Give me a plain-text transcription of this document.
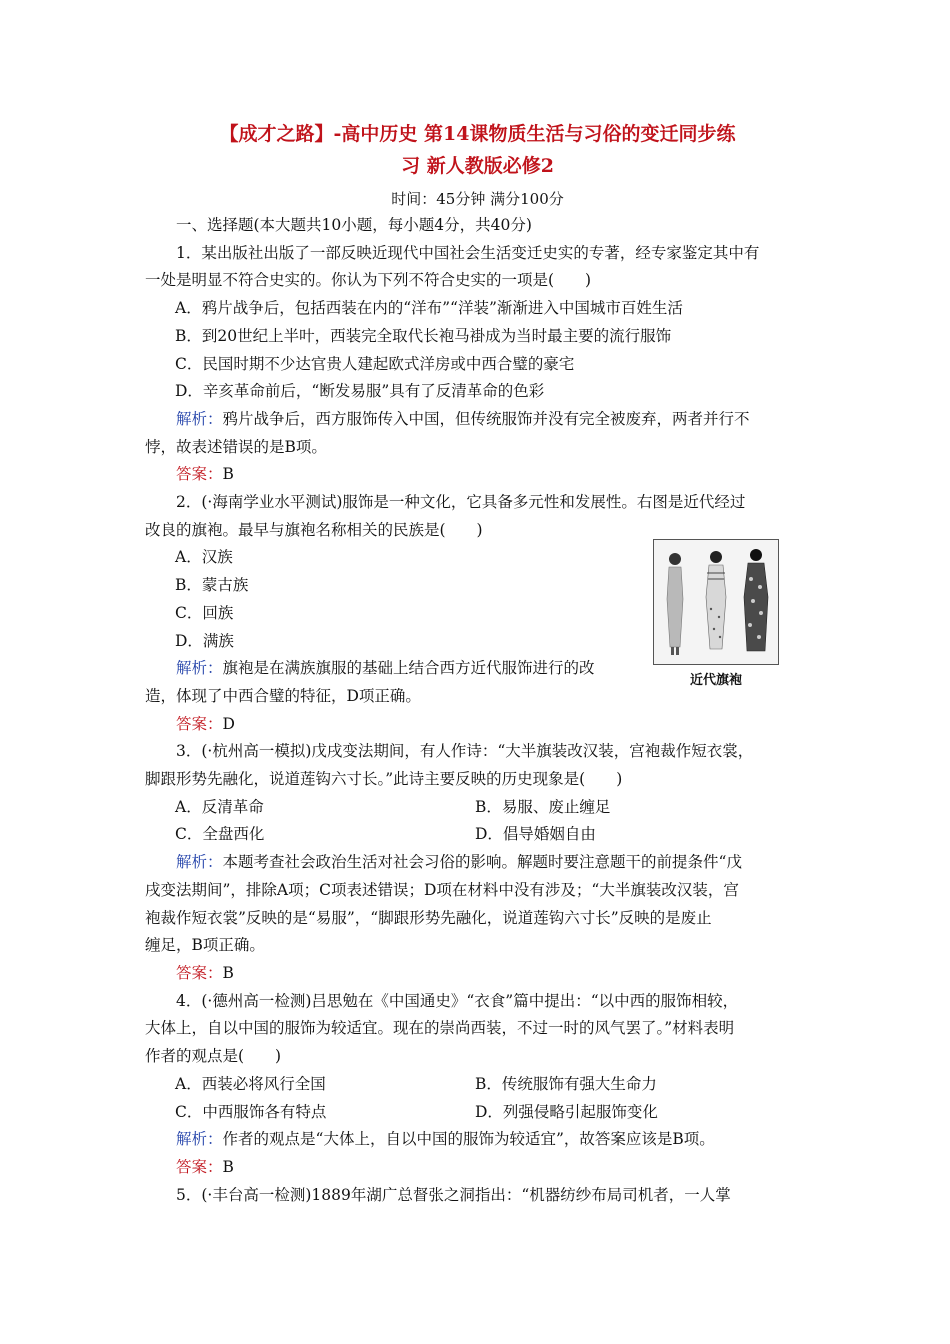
【成才之路】-高中历史 第14课物质生活与习俗的变迁同步练
习 新人教版必修2
时间：45分钟 满分100分

一、选择题(本大题共10小题，每小题4分，共40分)

1．某出版社出版了一部反映近现代中国社会生活变迁史实的专著，经专家鉴定其中有

一处是明显不符合史实的。你认为下列不符合史实的一项是(　　)

A．鸦片战争后，包括西装在内的“洋布”“洋装”渐渐进入中国城市百姓生活

B．到20世纪上半叶，西装完全取代长袍马褂成为当时最主要的流行服饰

C．民国时期不少达官贵人建起欧式洋房或中西合璧的豪宅

D．辛亥革命前后，“断发易服”具有了反清革命的色彩

解析：鸦片战争后，西方服饰传入中国，但传统服饰并没有完全被废弃，两者并行不

悖，故表述错误的是B项。

答案：B

2．(·海南学业水平测试)服饰是一种文化，它具备多元性和发展性。右图是近代经过

改良的旗袍。最早与旗袍名称相关的民族是(　　)

A．汉族

B．蒙古族

C．回族

D．满族

解析：旗袍是在满族旗服的基础上结合西方近代服饰进行的改

造，体现了中西合璧的特征，D项正确。

答案：D

3．(·杭州高一模拟)戊戌变法期间，有人作诗：“大半旗装改汉装，宫袍裁作短衣裳，

脚跟形势先融化，说道莲钩六寸长。”此诗主要反映的历史现象是(　　)

A．反清革命	B．易服、废止缠足

C．全盘西化	D．倡导婚姻自由

解析：本题考查社会政治生活对社会习俗的影响。解题时要注意题干的前提条件“戊

戌变法期间”，排除A项；C项表述错误；D项在材料中没有涉及；“大半旗装改汉装，宫

袍裁作短衣裳”反映的是“易服”，“脚跟形势先融化，说道莲钩六寸长”反映的是废止

缠足，B项正确。

答案：B

4．(·德州高一检测)吕思勉在《中国通史》“衣食”篇中提出：“以中西的服饰相较，

大体上，自以中国的服饰为较适宜。现在的崇尚西装，不过一时的风气罢了。”材料表明

作者的观点是(　　)

A．西装必将风行全国	B．传统服饰有强大生命力

C．中西服饰各有特点	D．列强侵略引起服饰变化

解析：作者的观点是“大体上，自以中国的服饰为较适宜”，故答案应该是B项。

答案：B

5．(·丰台高一检测)1889年湖广总督张之洞指出：“机器纺纱布局司机者，一人掌

近代旗袍
